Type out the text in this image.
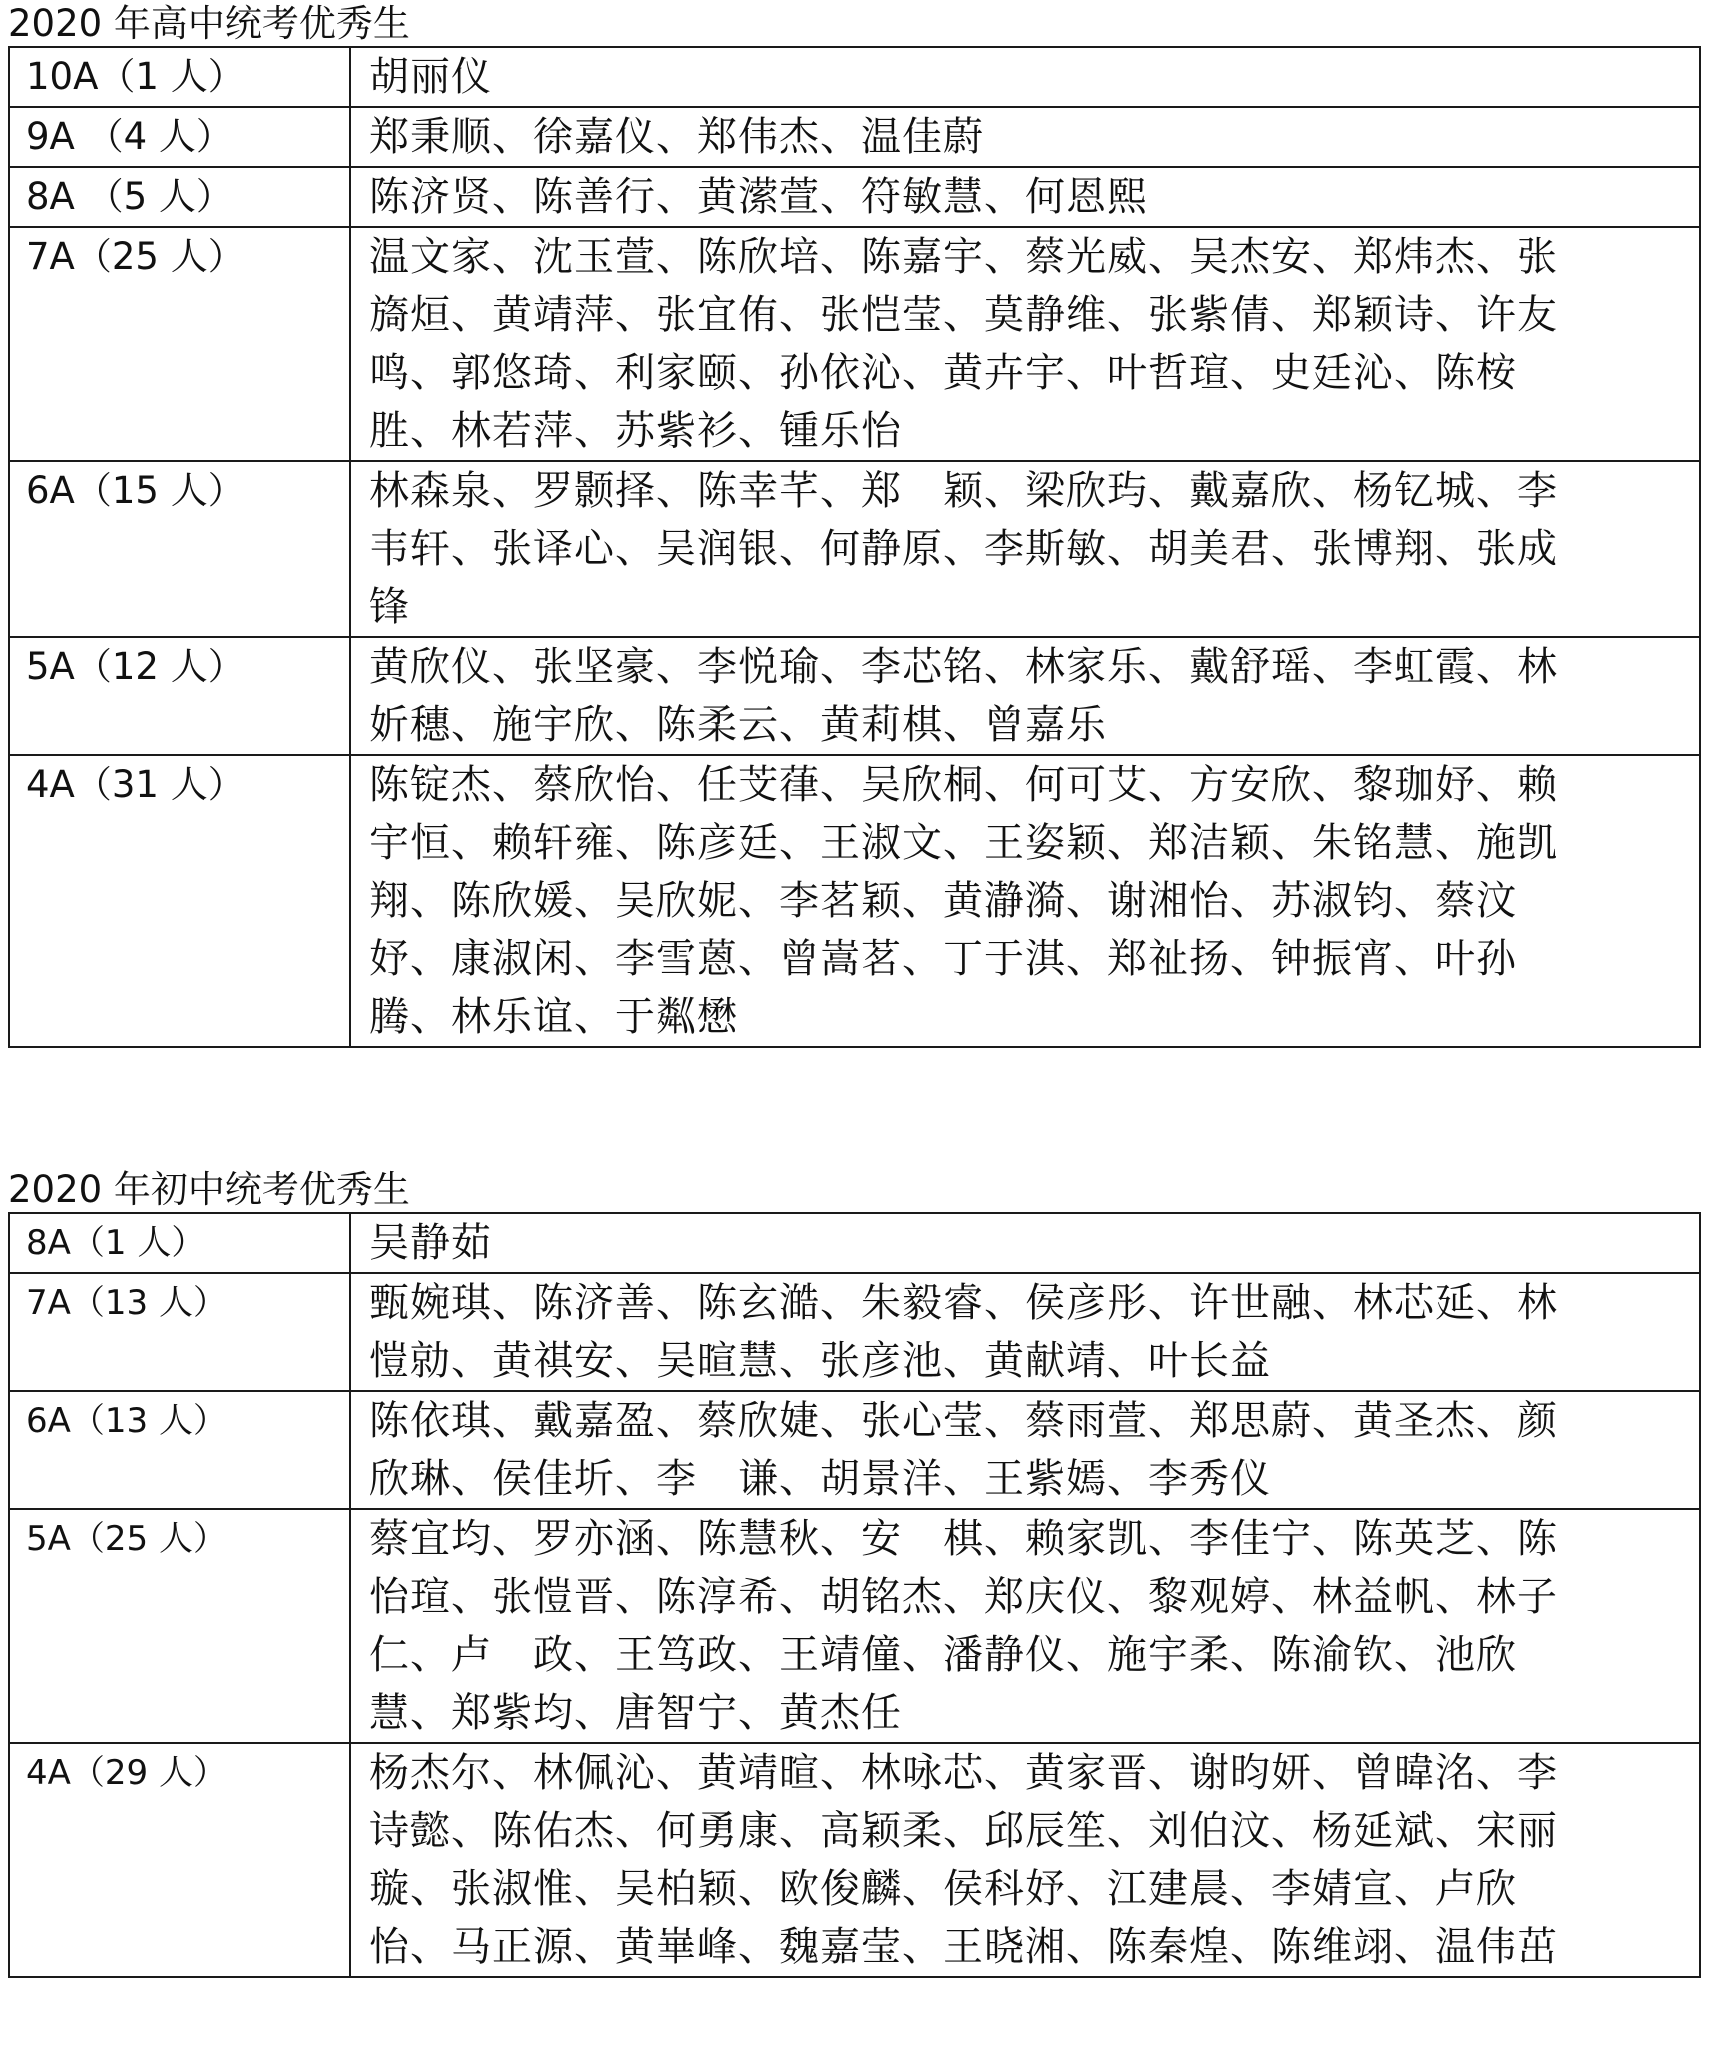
2020 年高中统考优秀生
10A（1 人）	胡丽仪
9A （4 人）	郑秉顺、徐嘉仪、郑伟杰、温佳蔚
8A （5 人）	陈济贤、陈善行、黄潆萱、符敏慧、何恩熙
7A（25 人）	温文家、沈玉萱、陈欣培、陈嘉宇、蔡光威、吴杰安、郑炜杰、张旖烜、黄靖萍、张宜侑、张恺莹、莫静维、张紫倩、郑颖诗、许友鸣、郭悠琦、利家颐、孙依沁、黄卉宇、叶哲瑄、史廷沁、陈桉胜、林若萍、苏紫衫、锺乐怡
6A（15 人）	林森泉、罗颢择、陈幸芊、郑　颖、梁欣玙、戴嘉欣、杨钇城、李韦轩、张译心、吴润银、何静原、李斯敏、胡美君、张博翔、张成锋
5A（12 人）	黄欣仪、张坚豪、李悦瑜、李芯铭、林家乐、戴舒瑶、李虹霞、林妡穗、施宇欣、陈柔云、黄莉棋、曾嘉乐
4A（31 人）	陈锭杰、蔡欣怡、任芠葎、吴欣桐、何可艾、方安欣、黎珈妤、赖宇恒、赖轩雍、陈彦廷、王淑文、王姿颖、郑洁颖、朱铭慧、施凯翔、陈欣媛、吴欣妮、李茗颖、黄瀞漪、谢湘怡、苏淑钧、蔡汶妤、康淑闲、李雪蒽、曾嵩茗、丁于淇、郑祉扬、钟振宵、叶孙腾、林乐谊、于粼懋
2020 年初中统考优秀生
8A（1 人）	吴静茹
7A（13 人）	甄婉琪、陈济善、陈玄澔、朱毅睿、侯彦彤、许世融、林芯延、林愷勍、黄祺安、吴暄慧、张彦池、黄献靖、叶长益
6A（13 人）	陈依琪、戴嘉盈、蔡欣婕、张心莹、蔡雨萱、郑思蔚、黄圣杰、颜欣琳、侯佳圻、李　谦、胡景洋、王紫嫣、李秀仪
5A（25 人）	蔡宜均、罗亦涵、陈慧秋、安　棋、赖家凯、李佳宁、陈英芝、陈怡瑄、张愷晋、陈淳希、胡铭杰、郑庆仪、黎观婷、林益帆、林子仁、卢　政、王笃政、王靖僮、潘静仪、施宇柔、陈渝钦、池欣慧、郑紫均、唐智宁、黄杰任
4A（29 人）	杨杰尔、林佩沁、黄靖暄、林咏芯、黄家晋、谢昀妍、曾暐洺、李诗懿、陈佑杰、何勇康、高颖柔、邱辰笙、刘伯汶、杨延斌、宋丽璇、张淑惟、吴柏颖、欧俊麟、侯科妤、江建晨、李婧宣、卢欣怡、马正源、黄崋峰、魏嘉莹、王晓湘、陈秦煌、陈维翊、温伟茁
